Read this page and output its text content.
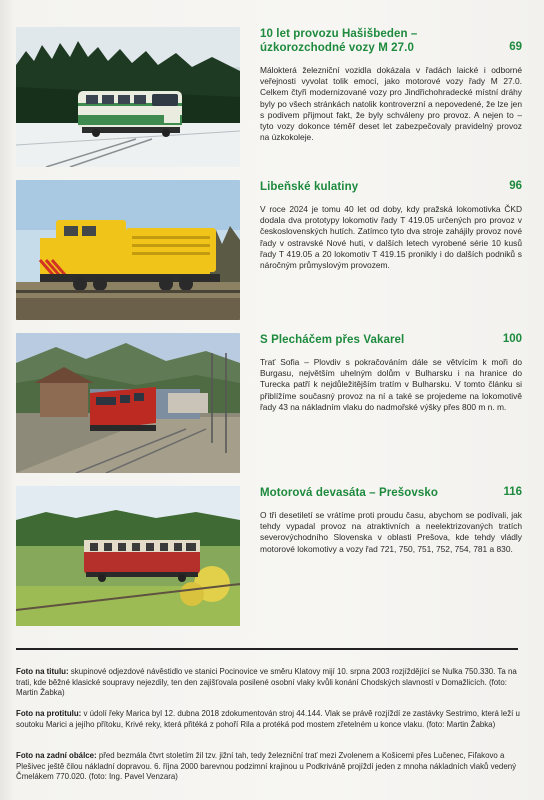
10 let provozu Hašišbeden – úzkorozchodné vozy M 27.0	69
Málokterá železniční vozidla dokázala v řadách laické i odborné veřejnosti vyvolat tolik emocí, jako motorové vozy řady M 27.0. Celkem čtyři modernizované vozy pro Jindřichohradecké místní dráhy byly po všech stránkách natolik kontroverzní a nepovedené, že lze jen s podivem přijmout fakt, že byly schváleny pro provoz. A nejen to – tyto vozy dokonce téměř deset let zabezpečovaly pravidelný provoz na úzkokoleje.
Libeňské kulatiny	96
V roce 2024 je tomu 40 let od doby, kdy pražská lokomotivka ČKD dodala dva prototypy lokomotiv řady T 419.05 určených pro provoz v československých hutích. Zatímco tyto dva stroje zahájily provoz nové řady v ostravské Nové huti, v dalších letech vyrobené série 10 kusů řady T 419.05 a 20 lokomotiv T 419.15 pronikly i do dalších podniků s náročným průmyslovým provozem.
S Plecháčem přes Vakarel	100
Trať Sofia – Plovdiv s pokračováním dále se větvícím k moři do Burgasu, největším uhelným dolům v Bulharsku i na hranice do Turecka patří k nejdůležitějším tratím v Bulharsku. V tomto článku si přiblížíme současný provoz na ní a také se projedeme na lokomotivě řady 43 na nákladním vlaku do nadmořské výšky přes 800 m n. m.
Motorová devasáta – Prešovsko	116
O tři desetiletí se vrátíme proti proudu času, abychom se podívali, jak tehdy vypadal provoz na atraktivních a neelektrizovaných tratích severovýchodního Slovenska v oblasti Prešova, kde tehdy vládly motorové lokomotivy a vozy řad 721, 750, 751, 752, 754, 781 a 830.
Foto na titulu: skupinové odjezdové návěstidlo ve stanici Pocinovice ve směru Klatovy mijí 10. srpna 2003 rozjíždějící se Nulka 750.330. Ta na trati, kde běžné klasické soupravy nejezdily, ten den zajišťovala posilené osobní vlaky kvůli konání Chodských slavností v Domažlicích. (foto: Martin Žabka)
Foto na protitulu: v údolí řeky Marica byl 12. dubna 2018 zdokumentován stroj 44.144. Vlak se právě rozjíždí ze zastávky Sestrimo, která leží u soutoku Marici a jejího přítoku, Krivé reky, která přitéká z pohoří Rila a protéká pod mostem zřetelném u konce vlaku. (foto: Martin Žabka)
Foto na zadní obálce: před bezmála čtvrt stoletím žil tzv. jižní tah, tedy železniční trať mezi Zvolenem a Košicemi přes Lučenec, Fiľakovo a Plešivec ještě čilou nákladní dopravou. 6. října 2000 barevnou podzimní krajinou u Podkriváně projíždí jeden z mnoha nákladních vlaků vedený Čmelákem 770.020. (foto: Ing. Pavel Venzara)
